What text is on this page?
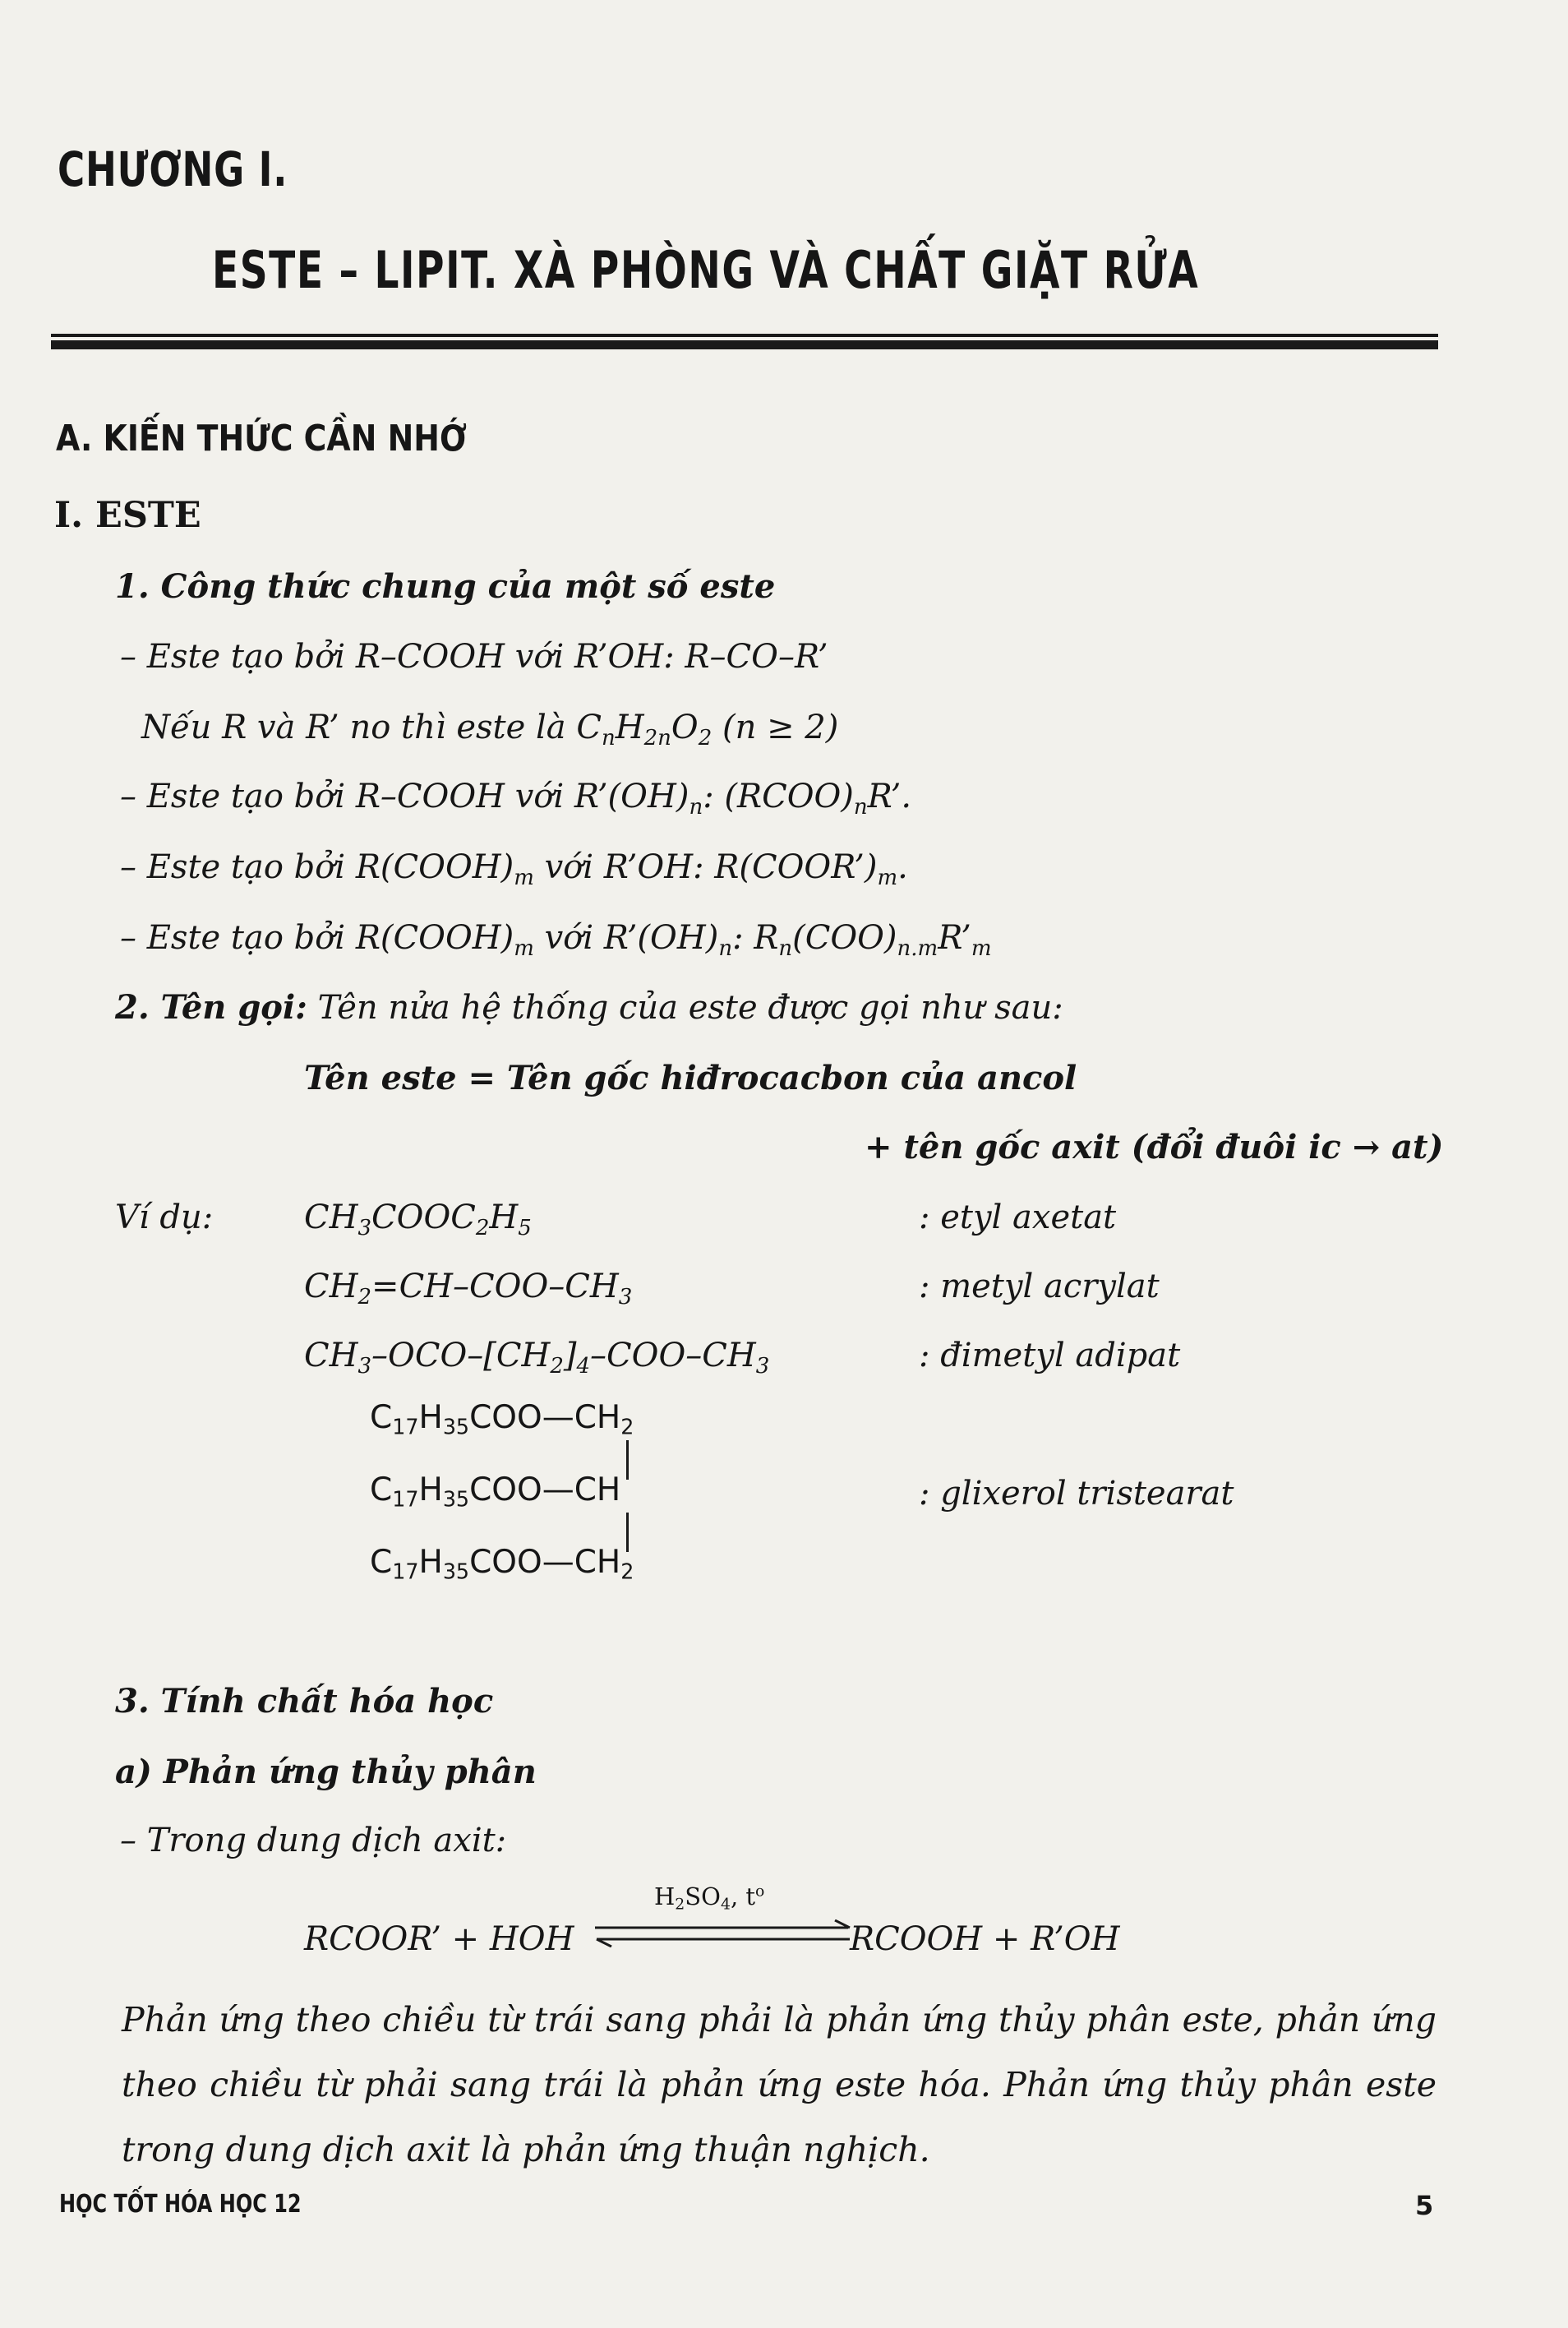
CHƯƠNG I.
ESTE – LIPIT. XÀ PHÒNG VÀ CHẤT GIẶT RỬA
A. KIẾN THỨC CẦN NHỚ
I. ESTE
1. Công thức chung của một số este
– Este tạo bởi R–COOH với R’OH: R–CO–R’
Nếu R và R’ no thì este là $C_nH_{2n}O_2$ (n ≥ 2)
– Este tạo bởi R–COOH với $R’(OH)_n$: $(RCOO)_nR$’.
– Este tạo bởi $R(COOH)_m$ với R’OH: $R(COOR’)_m$.
– Este tạo bởi $R(COOH)_m$ với $R’(OH)_n$: $R_n(COO)_{n.m}R’_m$
2. Tên gọi: Tên nửa hệ thống của este được gọi như sau:
Tên este = Tên gốc hiđrocacbon của ancol
+ tên gốc axit (đổi đuôi ic → at)
Ví dụ:	$CH_3COOC_2H_5$	: etyl axetat
$CH_2=CH-COO-CH_3$	: metyl acrylat
$CH_3-OCO-[CH_2]_4-COO-CH_3$	: đimetyl adipat
$C_{17}H_{35}COO—CH_2$
$C_{17}H_{35}COO—CH$
$C_{17}H_{35}COO—CH_2$
: glixerol tristearat
3. Tính chất hóa học
a) Phản ứng thủy phân
– Trong dung dịch axit:
RCOOR’ + HOH
$H_2SO_4$, $t^o$
RCOOH + R’OH
Phản ứng theo chiều từ trái sang phải là phản ứng thủy phân este, phản ứng theo chiều từ phải sang trái là phản ứng este hóa. Phản ứng thủy phân este trong dung dịch axit là phản ứng thuận nghịch.
HỌC TỐT HÓA HỌC 12	5
